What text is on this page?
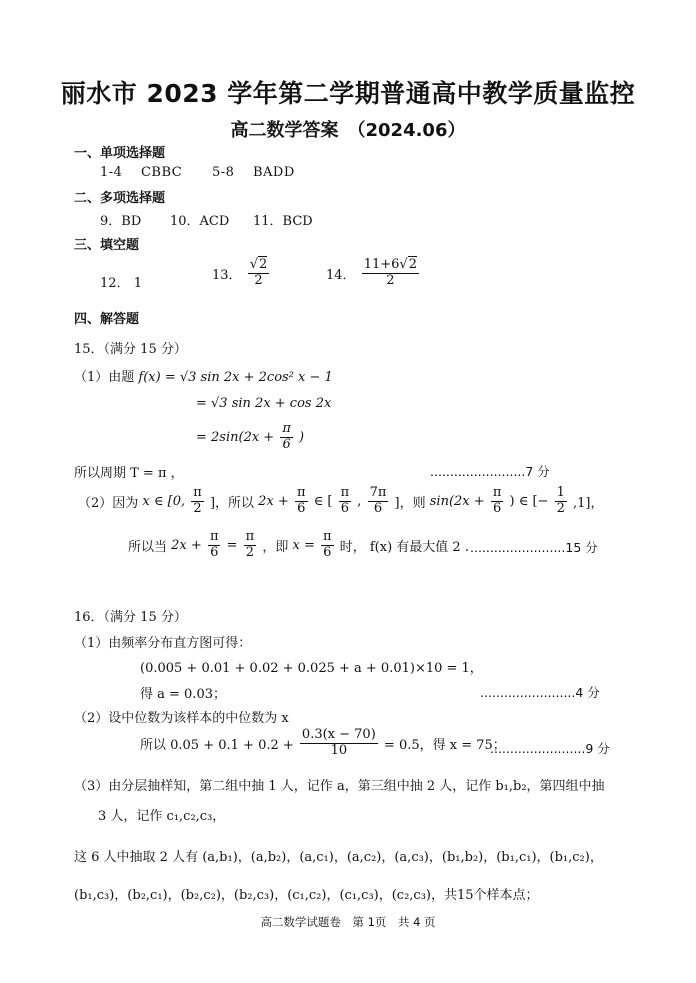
丽水市 2023 学年第二学期普通高中教学质量监控
高二数学答案　（2024.06）
一、单项选择题
1-4 CBBC 5-8 BADD
二、多项选择题
9．BD 10．ACD 11．BCD
三、填空题
12． 1
13． $\frac{√2}{2}$	14． $\frac{11+6√2}{2}$
四、解答题
15．（满分 15 分）
（1）由题 f(x) = √3 sin 2x + 2cos² x − 1
= √3 sin 2x + cos 2x
= $2\sin(2x + \frac{\pi}{6}$ )
所以周期 T = π ，	........................7 分
（2）因为 x ∈ [0, $\frac{\pi}{2}$ ]，所以 $2x + \frac{\pi}{6}$ ∈ [ $\frac{\pi}{6}$ , $\frac{7\pi}{6}$ ]，则 $\sin(2x + \frac{\pi}{6}$ ) ∈ [− $\frac{1}{2} ,1$]，
所以当 $2x + \frac{\pi}{6} = \frac{\pi}{2}$ ，即 $x = \frac{\pi}{6}$ 时， f(x) 有最大值 2 . ........................15 分
16．（满分 15 分）
（1）由频率分布直方图可得：
(0.005 + 0.01 + 0.02 + 0.025 + a + 0.01)×10 = 1，
得 a = 0.03；	........................4 分
（2）设中位数为该样本的中位数为 x
所以 $0.05 + 0.1 + 0.2 + \frac{0.3(x - 70)}{10} = 0.5$，得 x = 75；
........................9 分
（3）由分层抽样知，第二组中抽 1 人，记作 a，第三组中抽 2 人，记作 b₁,b₂，第四组中抽
3 人，记作 c₁,c₂,c₃，
这 6 人中抽取 2 人有 (a,b₁)，(a,b₂)，(a,c₁)，(a,c₂)，(a,c₃)，(b₁,b₂)，(b₁,c₁)，(b₁,c₂)，
(b₁,c₃)，(b₂,c₁)，(b₂,c₂)，(b₂,c₃)，(c₁,c₂)，(c₁,c₃)，(c₂,c₃)，共15个样本点；
高二数学试题卷　第 1页　共 4 页
